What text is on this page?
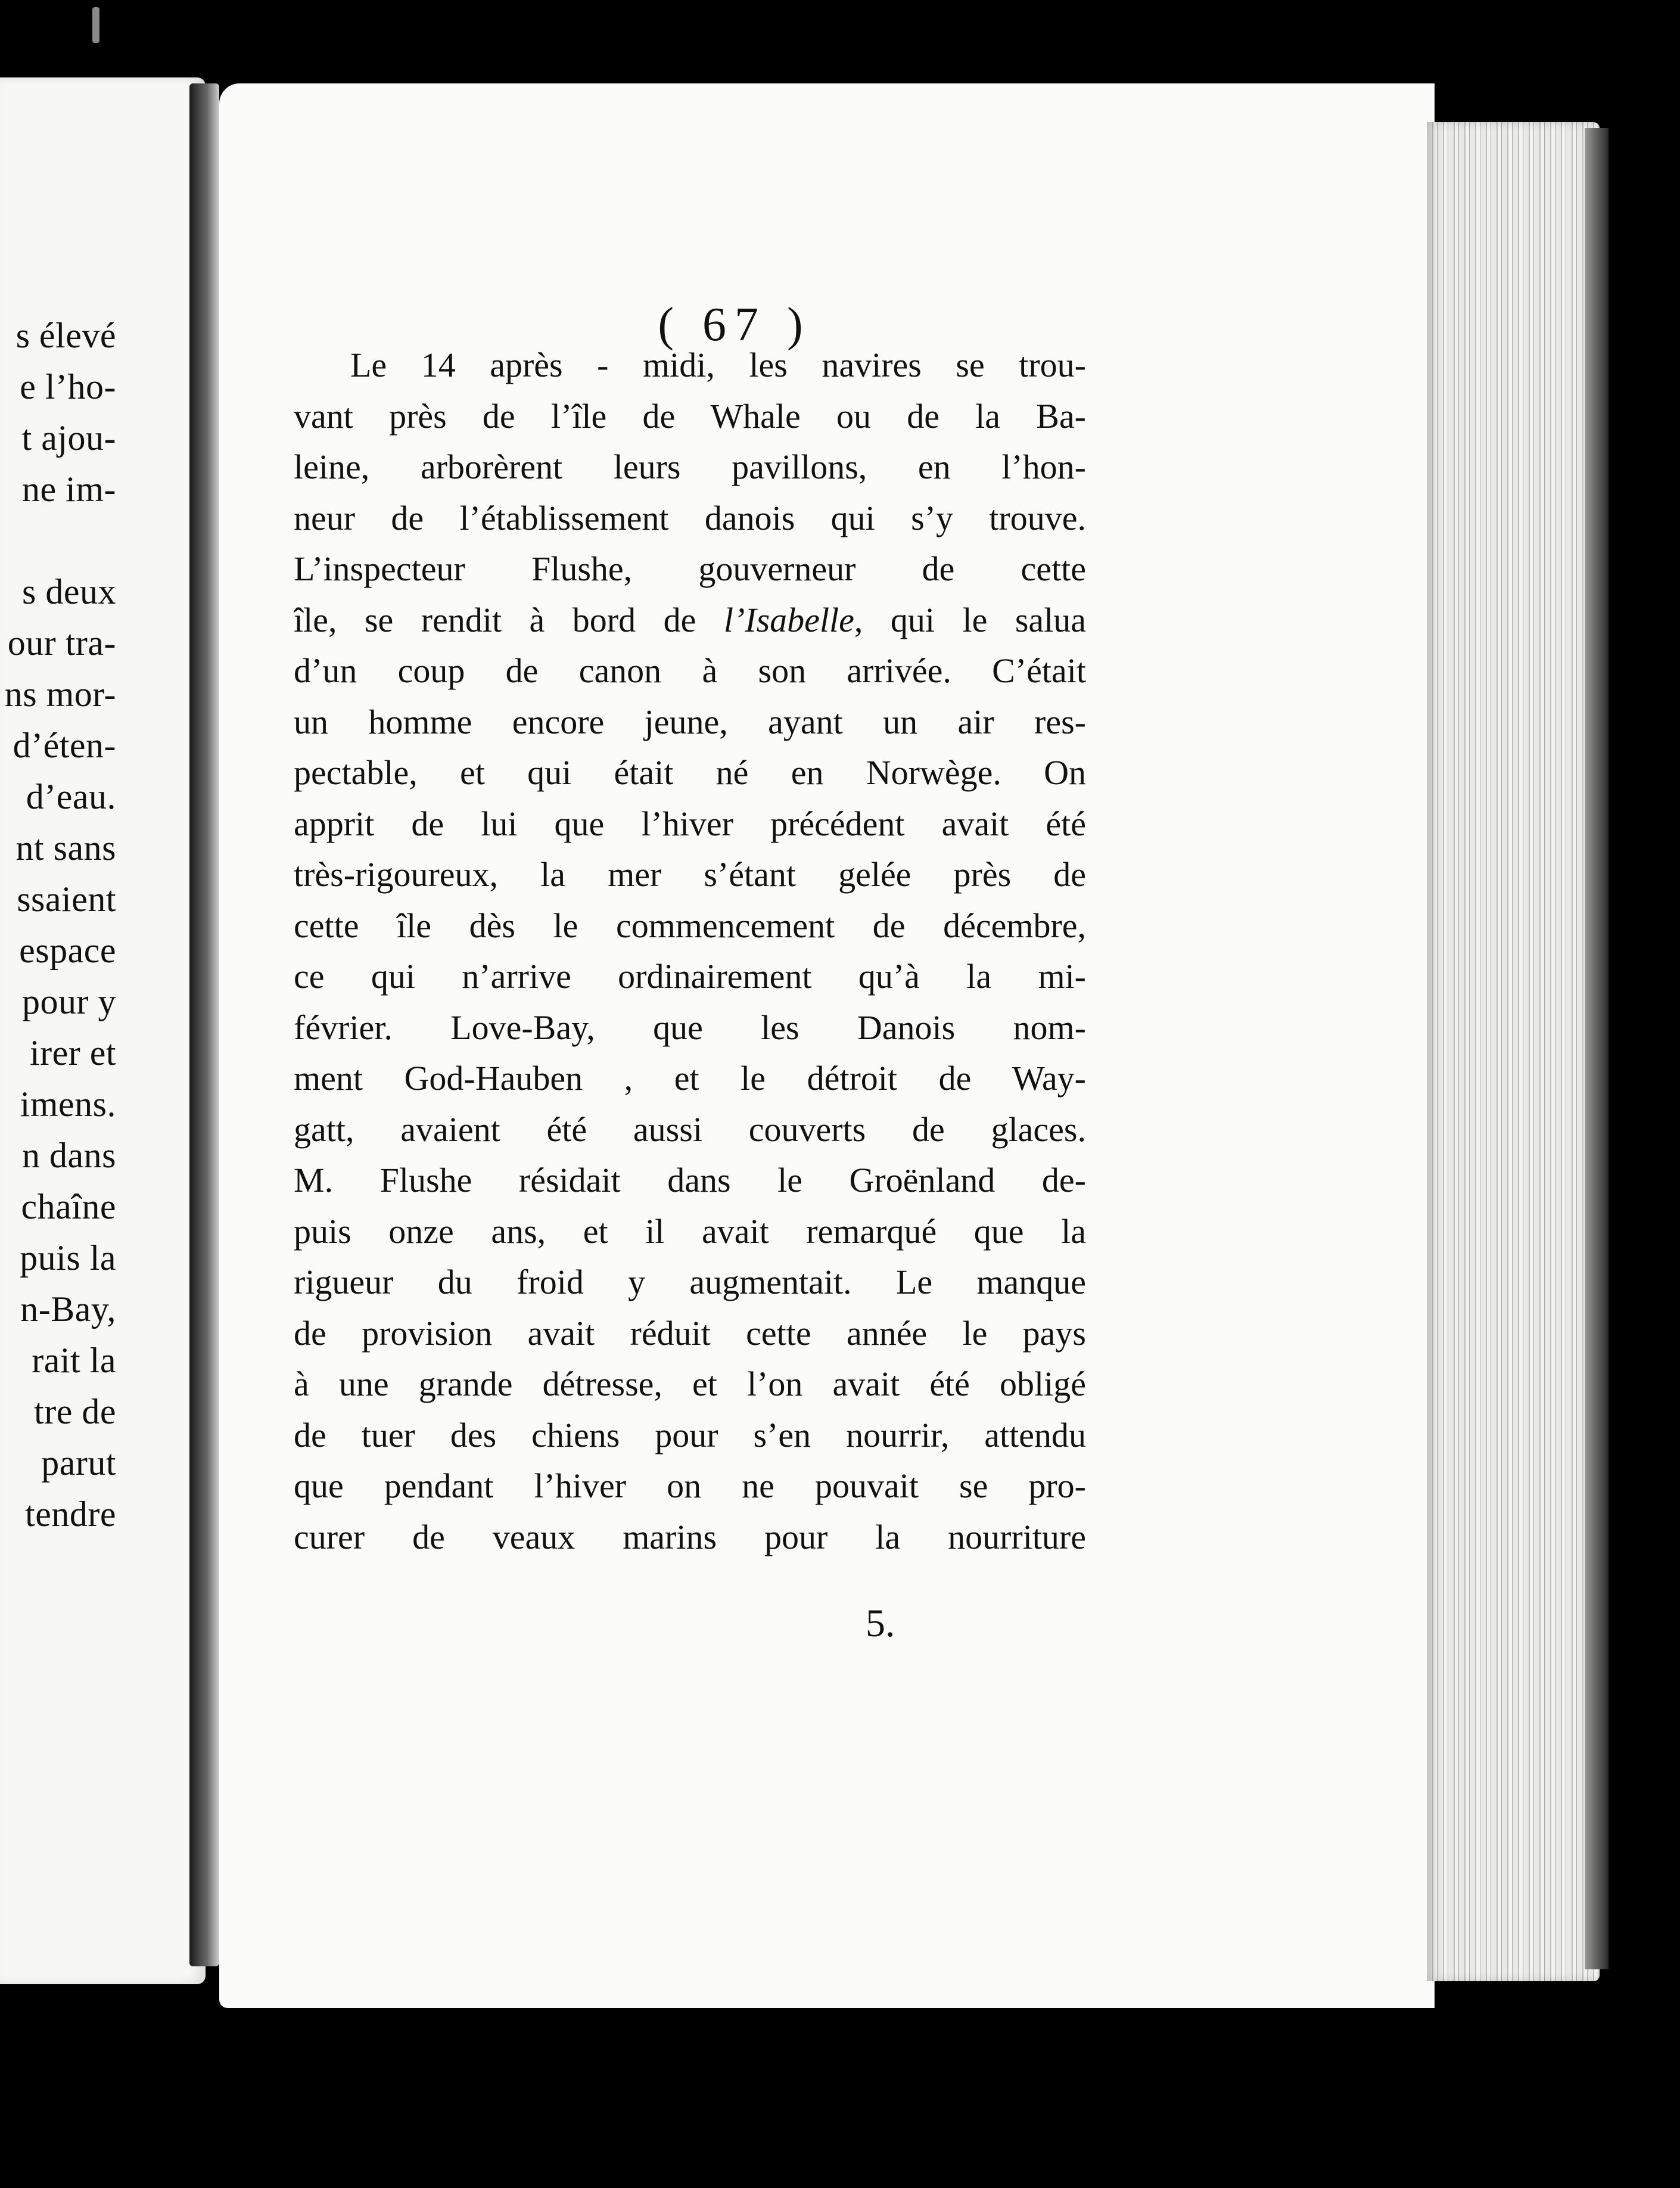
s élevé
e l’ho-
t ajou-
ne im-
s deux
our tra-
ns mor-
d’éten-
d’eau.
nt sans
ssaient
espace
pour y
irer et
imens.
n dans
chaîne
puis la
n-Bay,
rait la
tre de
parut
tendre
( 67 )
Le 14 après - midi, les navires se trou-
vant près de l’île de Whale ou de la Ba-
leine, arborèrent leurs pavillons, en l’hon-
neur de l’établissement danois qui s’y trouve.
L’inspecteur Flushe, gouverneur de cette
île, se rendit à bord de l’Isabelle, qui le salua
d’un coup de canon à son arrivée. C’était
un homme encore jeune, ayant un air res-
pectable, et qui était né en Norwège. On
apprit de lui que l’hiver précédent avait été
très-rigoureux, la mer s’étant gelée près de
cette île dès le commencement de décembre,
ce qui n’arrive ordinairement qu’à la mi-
février. Love-Bay, que les Danois nom-
ment God-Hauben , et le détroit de Way-
gatt, avaient été aussi couverts de glaces.
M. Flushe résidait dans le Groënland de-
puis onze ans, et il avait remarqué que la
rigueur du froid y augmentait. Le manque
de provision avait réduit cette année le pays
à une grande détresse, et l’on avait été obligé
de tuer des chiens pour s’en nourrir, attendu
que pendant l’hiver on ne pouvait se pro-
curer de veaux marins pour la nourriture
5.
